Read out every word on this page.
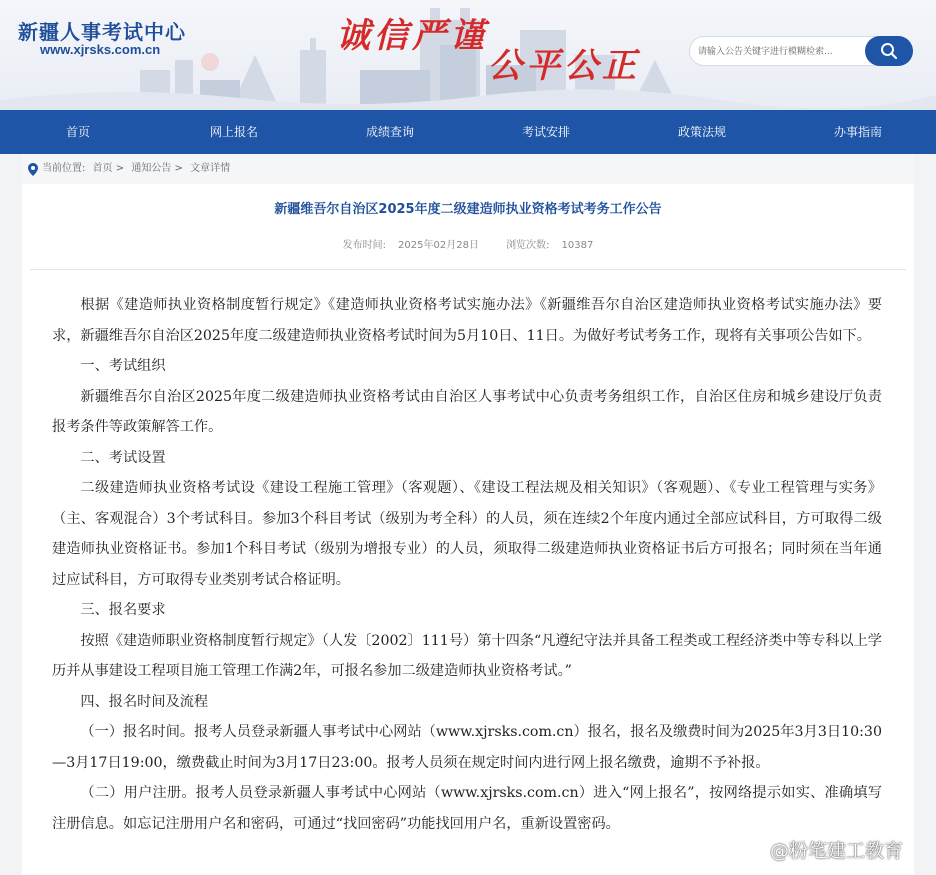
新疆人事考试中心
www.xjrsks.com.cn	诚信严谨
公平公正
请输入公告关键字进行模糊检索...
首页	网上报名	成绩查询	考试安排	政策法规	办事指南
当前位置: 首页 > 通知公告 > 文章详情
新疆维吾尔自治区2025年度二级建造师执业资格考试考务工作公告
发布时间: 2025年02月28日	浏览次数: 10387

根据《建造师执业资格制度暂行规定》《建造师执业资格考试实施办法》《新疆维吾尔自治区建造师执业资格考试实施办法》要求，新疆维吾尔自治区2025年度二级建造师执业资格考试时间为5月10日、11日。为做好考试考务工作，现将有关事项公告如下。

一、考试组织

新疆维吾尔自治区2025年度二级建造师执业资格考试由自治区人事考试中心负责考务组织工作，自治区住房和城乡建设厅负责报考条件等政策解答工作。

二、考试设置

二级建造师执业资格考试设《建设工程施工管理》（客观题）、《建设工程法规及相关知识》（客观题）、《专业工程管理与实务》（主、客观混合）3个考试科目。参加3个科目考试（级别为考全科）的人员，须在连续2个年度内通过全部应试科目，方可取得二级建造师执业资格证书。参加1个科目考试（级别为增报专业）的人员，须取得二级建造师执业资格证书后方可报名；同时须在当年通过应试科目，方可取得专业类别考试合格证明。

三、报名要求

按照《建造师职业资格制度暂行规定》（人发〔2002〕111号）第十四条“凡遵纪守法并具备工程类或工程经济类中等专科以上学历并从事建设工程项目施工管理工作满2年，可报名参加二级建造师执业资格考试。”

四、报名时间及流程

（一）报名时间。报考人员登录新疆人事考试中心网站（www.xjrsks.com.cn）报名，报名及缴费时间为2025年3月3日10:30—3月17日19:00，缴费截止时间为3月17日23:00。报考人员须在规定时间内进行网上报名缴费，逾期不予补报。

（二）用户注册。报考人员登录新疆人事考试中心网站（www.xjrsks.com.cn）进入“网上报名”，按网络提示如实、准确填写注册信息。如忘记注册用户名和密码，可通过“找回密码”功能找回用户名，重新设置密码。

@粉笔建工教育
